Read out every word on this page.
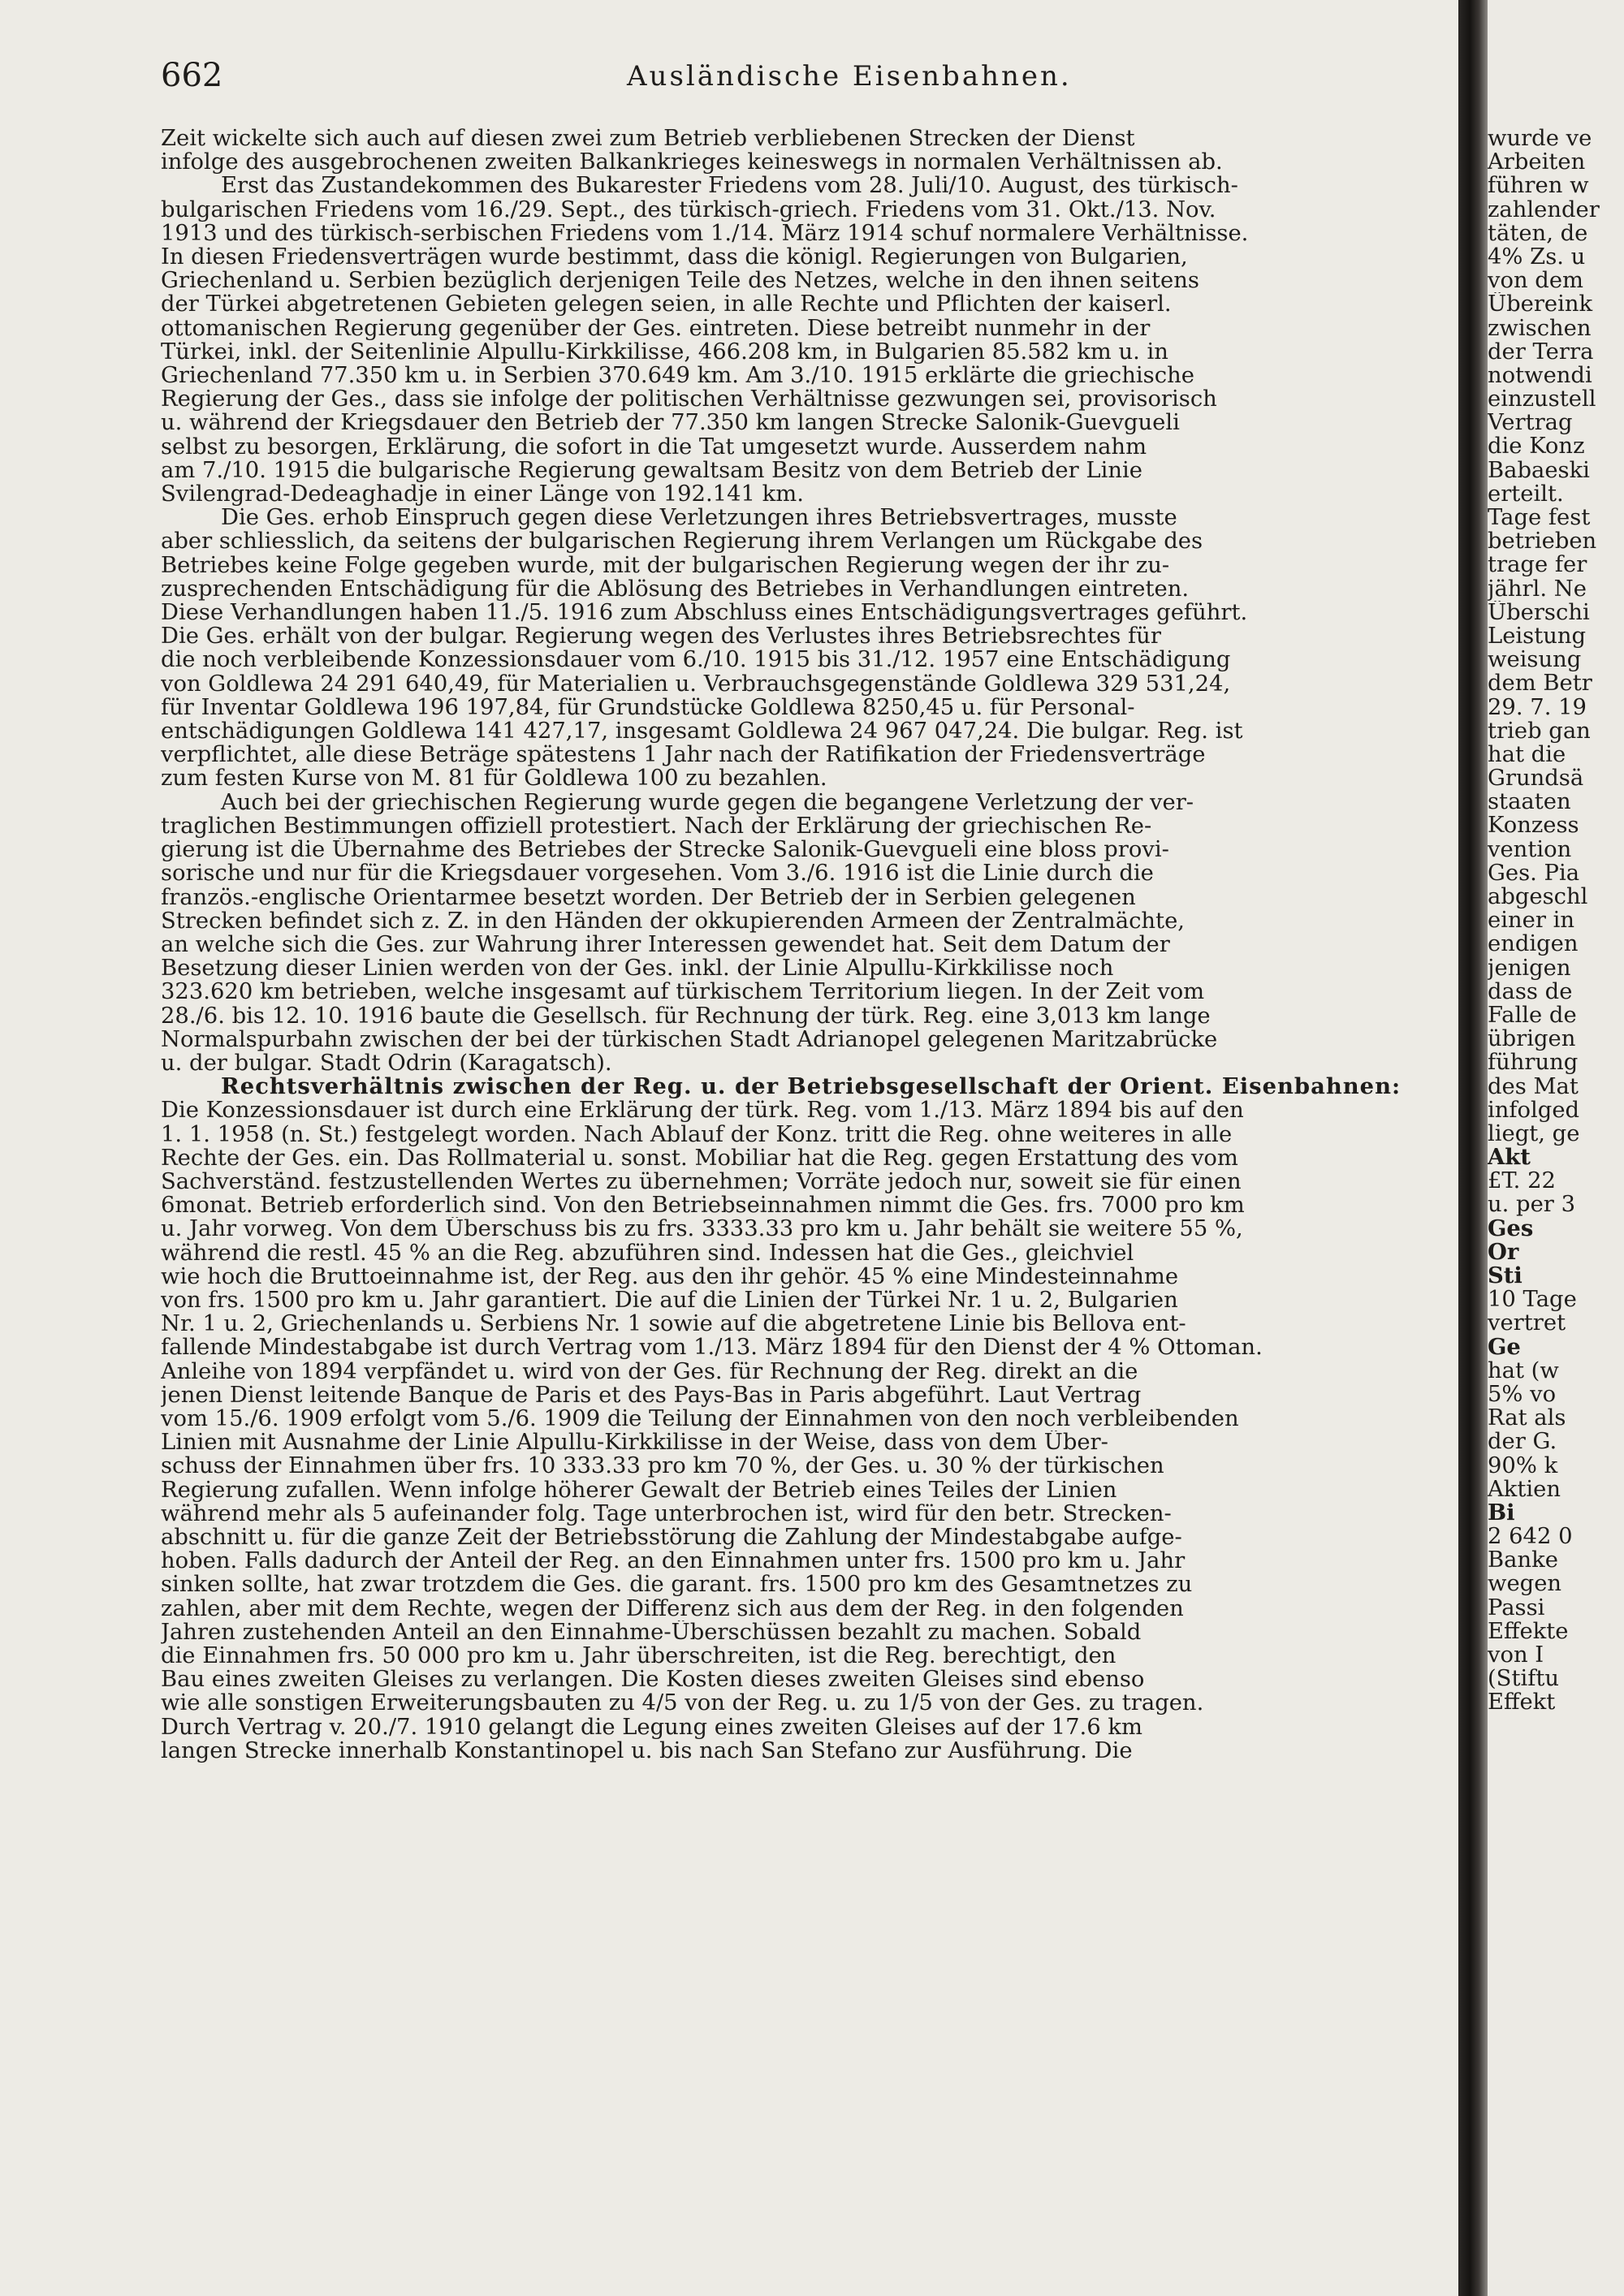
662	Ausländische Eisenbahnen.
Zeit wickelte sich auch auf diesen zwei zum Betrieb verbliebenen Strecken der Dienst
infolge des ausgebrochenen zweiten Balkankrieges keineswegs in normalen Verhältnissen ab.
Erst das Zustandekommen des Bukarester Friedens vom 28. Juli/10. August, des türkisch-
bulgarischen Friedens vom 16./29. Sept., des türkisch-griech. Friedens vom 31. Okt./13. Nov.
1913 und des türkisch-serbischen Friedens vom 1./14. März 1914 schuf normalere Verhältnisse.
In diesen Friedensverträgen wurde bestimmt, dass die königl. Regierungen von Bulgarien,
Griechenland u. Serbien bezüglich derjenigen Teile des Netzes, welche in den ihnen seitens
der Türkei abgetretenen Gebieten gelegen seien, in alle Rechte und Pflichten der kaiserl.
ottomanischen Regierung gegenüber der Ges. eintreten. Diese betreibt nunmehr in der
Türkei, inkl. der Seitenlinie Alpullu-Kirkkilisse, 466.208 km, in Bulgarien 85.582 km u. in
Griechenland 77.350 km u. in Serbien 370.649 km. Am 3./10. 1915 erklärte die griechische
Regierung der Ges., dass sie infolge der politischen Verhältnisse gezwungen sei, provisorisch
u. während der Kriegsdauer den Betrieb der 77.350 km langen Strecke Salonik-Guevgueli
selbst zu besorgen, Erklärung, die sofort in die Tat umgesetzt wurde. Ausserdem nahm
am 7./10. 1915 die bulgarische Regierung gewaltsam Besitz von dem Betrieb der Linie
Svilengrad-Dedeaghadje in einer Länge von 192.141 km.
Die Ges. erhob Einspruch gegen diese Verletzungen ihres Betriebsvertrages, musste
aber schliesslich, da seitens der bulgarischen Regierung ihrem Verlangen um Rückgabe des
Betriebes keine Folge gegeben wurde, mit der bulgarischen Regierung wegen der ihr zu-
zusprechenden Entschädigung für die Ablösung des Betriebes in Verhandlungen eintreten.
Diese Verhandlungen haben 11./5. 1916 zum Abschluss eines Entschädigungsvertrages geführt.
Die Ges. erhält von der bulgar. Regierung wegen des Verlustes ihres Betriebsrechtes für
die noch verbleibende Konzessionsdauer vom 6./10. 1915 bis 31./12. 1957 eine Entschädigung
von Goldlewa 24 291 640,49, für Materialien u. Verbrauchsgegenstände Goldlewa 329 531,24,
für Inventar Goldlewa 196 197,84, für Grundstücke Goldlewa 8250,45 u. für Personal-
entschädigungen Goldlewa 141 427,17, insgesamt Goldlewa 24 967 047,24. Die bulgar. Reg. ist
verpflichtet, alle diese Beträge spätestens 1 Jahr nach der Ratifikation der Friedensverträge
zum festen Kurse von M. 81 für Goldlewa 100 zu bezahlen.
Auch bei der griechischen Regierung wurde gegen die begangene Verletzung der ver-
traglichen Bestimmungen offiziell protestiert. Nach der Erklärung der griechischen Re-
gierung ist die Übernahme des Betriebes der Strecke Salonik-Guevgueli eine bloss provi-
sorische und nur für die Kriegsdauer vorgesehen. Vom 3./6. 1916 ist die Linie durch die
französ.-englische Orientarmee besetzt worden. Der Betrieb der in Serbien gelegenen
Strecken befindet sich z. Z. in den Händen der okkupierenden Armeen der Zentralmächte,
an welche sich die Ges. zur Wahrung ihrer Interessen gewendet hat. Seit dem Datum der
Besetzung dieser Linien werden von der Ges. inkl. der Linie Alpullu-Kirkkilisse noch
323.620 km betrieben, welche insgesamt auf türkischem Territorium liegen. In der Zeit vom
28./6. bis 12. 10. 1916 baute die Gesellsch. für Rechnung der türk. Reg. eine 3,013 km lange
Normalspurbahn zwischen der bei der türkischen Stadt Adrianopel gelegenen Maritzabrücke
u. der bulgar. Stadt Odrin (Karagatsch).
Rechtsverhältnis zwischen der Reg. u. der Betriebsgesellschaft der Orient. Eisenbahnen:
Die Konzessionsdauer ist durch eine Erklärung der türk. Reg. vom 1./13. März 1894 bis auf den
1. 1. 1958 (n. St.) festgelegt worden. Nach Ablauf der Konz. tritt die Reg. ohne weiteres in alle
Rechte der Ges. ein. Das Rollmaterial u. sonst. Mobiliar hat die Reg. gegen Erstattung des vom
Sachverständ. festzustellenden Wertes zu übernehmen; Vorräte jedoch nur, soweit sie für einen
6monat. Betrieb erforderlich sind. Von den Betriebseinnahmen nimmt die Ges. frs. 7000 pro km
u. Jahr vorweg. Von dem Überschuss bis zu frs. 3333.33 pro km u. Jahr behält sie weitere 55 %,
während die restl. 45 % an die Reg. abzuführen sind. Indessen hat die Ges., gleichviel
wie hoch die Bruttoeinnahme ist, der Reg. aus den ihr gehör. 45 % eine Mindesteinnahme
von frs. 1500 pro km u. Jahr garantiert. Die auf die Linien der Türkei Nr. 1 u. 2, Bulgarien
Nr. 1 u. 2, Griechenlands u. Serbiens Nr. 1 sowie auf die abgetretene Linie bis Bellova ent-
fallende Mindestabgabe ist durch Vertrag vom 1./13. März 1894 für den Dienst der 4 % Ottoman.
Anleihe von 1894 verpfändet u. wird von der Ges. für Rechnung der Reg. direkt an die
jenen Dienst leitende Banque de Paris et des Pays-Bas in Paris abgeführt. Laut Vertrag
vom 15./6. 1909 erfolgt vom 5./6. 1909 die Teilung der Einnahmen von den noch verbleibenden
Linien mit Ausnahme der Linie Alpullu-Kirkkilisse in der Weise, dass von dem Über-
schuss der Einnahmen über frs. 10 333.33 pro km 70 %, der Ges. u. 30 % der türkischen
Regierung zufallen. Wenn infolge höherer Gewalt der Betrieb eines Teiles der Linien
während mehr als 5 aufeinander folg. Tage unterbrochen ist, wird für den betr. Strecken-
abschnitt u. für die ganze Zeit der Betriebsstörung die Zahlung der Mindestabgabe aufge-
hoben. Falls dadurch der Anteil der Reg. an den Einnahmen unter frs. 1500 pro km u. Jahr
sinken sollte, hat zwar trotzdem die Ges. die garant. frs. 1500 pro km des Gesamtnetzes zu
zahlen, aber mit dem Rechte, wegen der Differenz sich aus dem der Reg. in den folgenden
Jahren zustehenden Anteil an den Einnahme-Überschüssen bezahlt zu machen. Sobald
die Einnahmen frs. 50 000 pro km u. Jahr überschreiten, ist die Reg. berechtigt, den
Bau eines zweiten Gleises zu verlangen. Die Kosten dieses zweiten Gleises sind ebenso
wie alle sonstigen Erweiterungsbauten zu 4/5 von der Reg. u. zu 1/5 von der Ges. zu tragen.
Durch Vertrag v. 20./7. 1910 gelangt die Legung eines zweiten Gleises auf der 17.6 km
langen Strecke innerhalb Konstantinopel u. bis nach San Stefano zur Ausführung. Die
wurde ve
Arbeiten
führen w
zahlender
täten, de
4% Zs. u
von dem
Übereink
zwischen
der Terra
notwendi
einzustell
Vertrag
die Konz
Babaeski
erteilt.
Tage fest
betrieben
trage fer
jährl. Ne
Überschi
Leistung
weisung
dem Betr
29. 7. 19
trieb gan
hat die
Grundsä
staaten
Konzess
vention
Ges. Pia
abgeschl
einer in
endigen
jenigen
dass de
Falle de
übrigen
führung
des Mat
infolged
liegt, ge
Akt
£T. 22
u. per 3
Ges
Or
Sti
10 Tage
vertret
Ge
hat (w
5% vo
Rat als
der G.
90% k
Aktien
Bi
2 642 0
Banke
wegen
Passi
Effekte
von I
(Stiftu
Effekt
